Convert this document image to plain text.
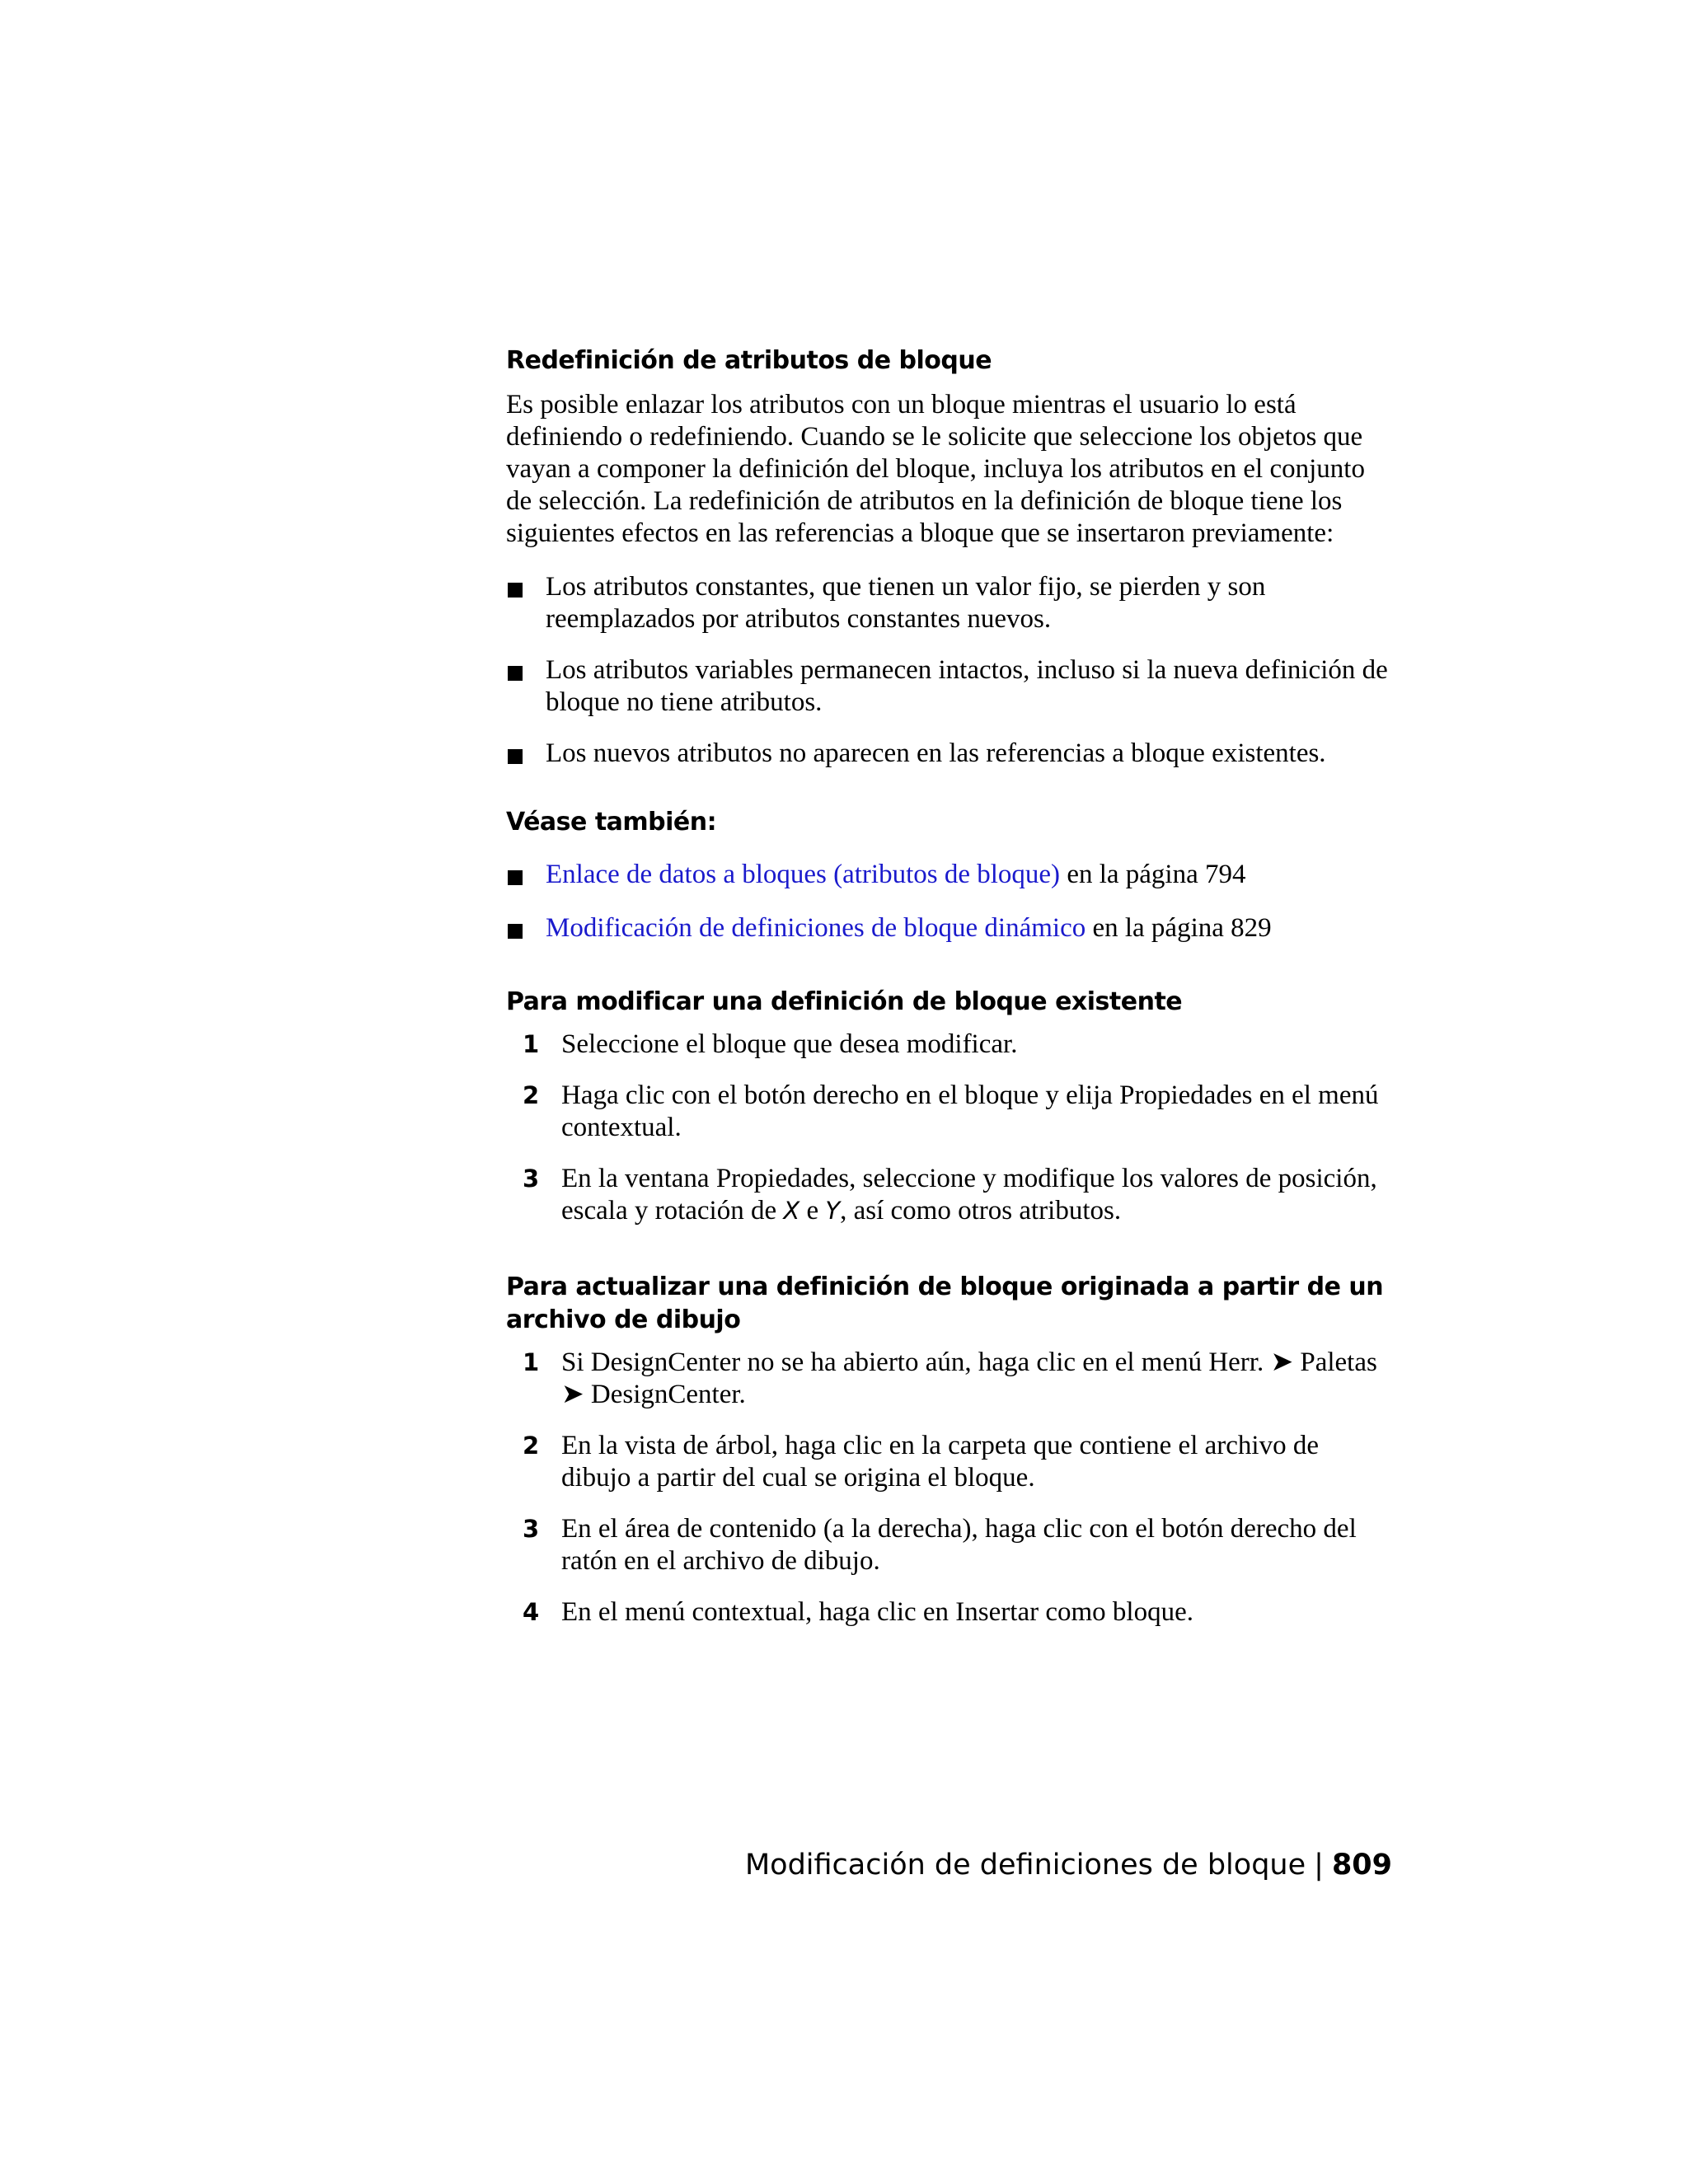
Redefinición de atributos de bloque

Es posible enlazar los atributos con un bloque mientras el usuario lo está definiendo o redefiniendo. Cuando se le solicite que seleccione los objetos que vayan a componer la definición del bloque, incluya los atributos en el conjunto de selección. La redefinición de atributos en la definición de bloque tiene los siguientes efectos en las referencias a bloque que se insertaron previamente:

Los atributos constantes, que tienen un valor fijo, se pierden y son reemplazados por atributos constantes nuevos.

Los atributos variables permanecen intactos, incluso si la nueva definición de bloque no tiene atributos.

Los nuevos atributos no aparecen en las referencias a bloque existentes.

Véase también:

Enlace de datos a bloques (atributos de bloque) en la página 794

Modificación de definiciones de bloque dinámico en la página 829

Para modificar una definición de bloque existente

1 Seleccione el bloque que desea modificar.

2 Haga clic con el botón derecho en el bloque y elija Propiedades en el menú contextual.

3 En la ventana Propiedades, seleccione y modifique los valores de posición, escala y rotación de X e Y, así como otros atributos.

Para actualizar una definición de bloque originada a partir de un archivo de dibujo

1 Si DesignCenter no se ha abierto aún, haga clic en el menú Herr. ➤ Paletas ➤ DesignCenter.

2 En la vista de árbol, haga clic en la carpeta que contiene el archivo de dibujo a partir del cual se origina el bloque.

3 En el área de contenido (a la derecha), haga clic con el botón derecho del ratón en el archivo de dibujo.

4 En el menú contextual, haga clic en Insertar como bloque.

Modificación de definiciones de bloque | 809
